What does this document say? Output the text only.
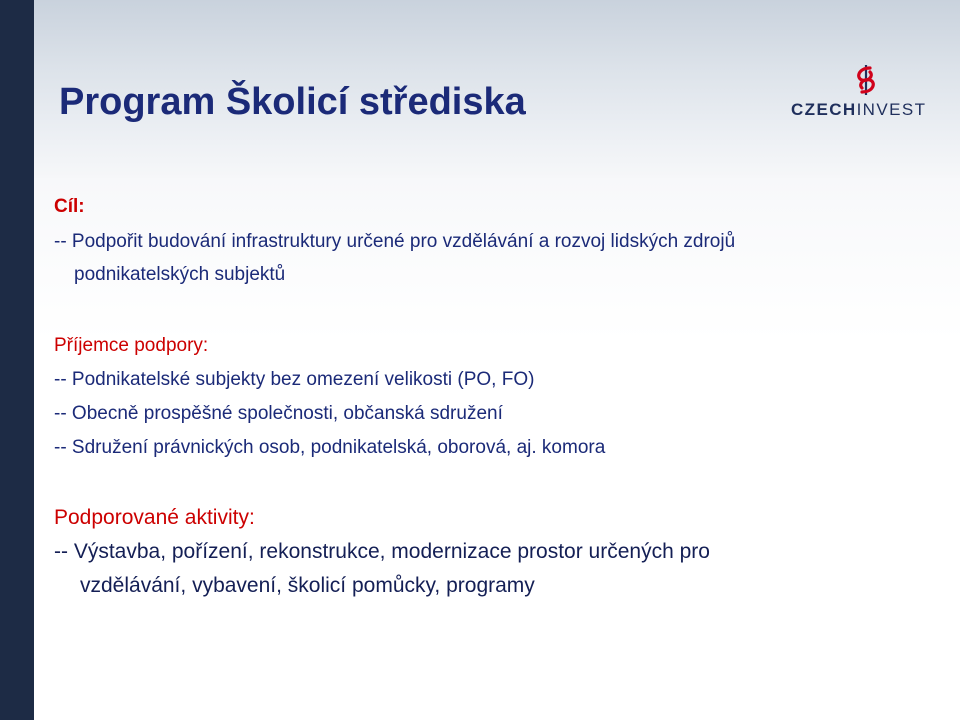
Program Školicí střediska	CZECHINVEST
Cíl:
-- Podpořit budování infrastruktury určené pro vzdělávání a rozvoj lidských zdrojů
podnikatelských subjektů
Příjemce podpory:
-- Podnikatelské subjekty bez omezení velikosti (PO, FO)
-- Obecně prospěšné společnosti, občanská sdružení
-- Sdružení právnických osob, podnikatelská, oborová, aj. komora
Podporované aktivity:
-- Výstavba, pořízení, rekonstrukce, modernizace prostor určených pro
vzdělávání, vybavení, školicí pomůcky, programy
